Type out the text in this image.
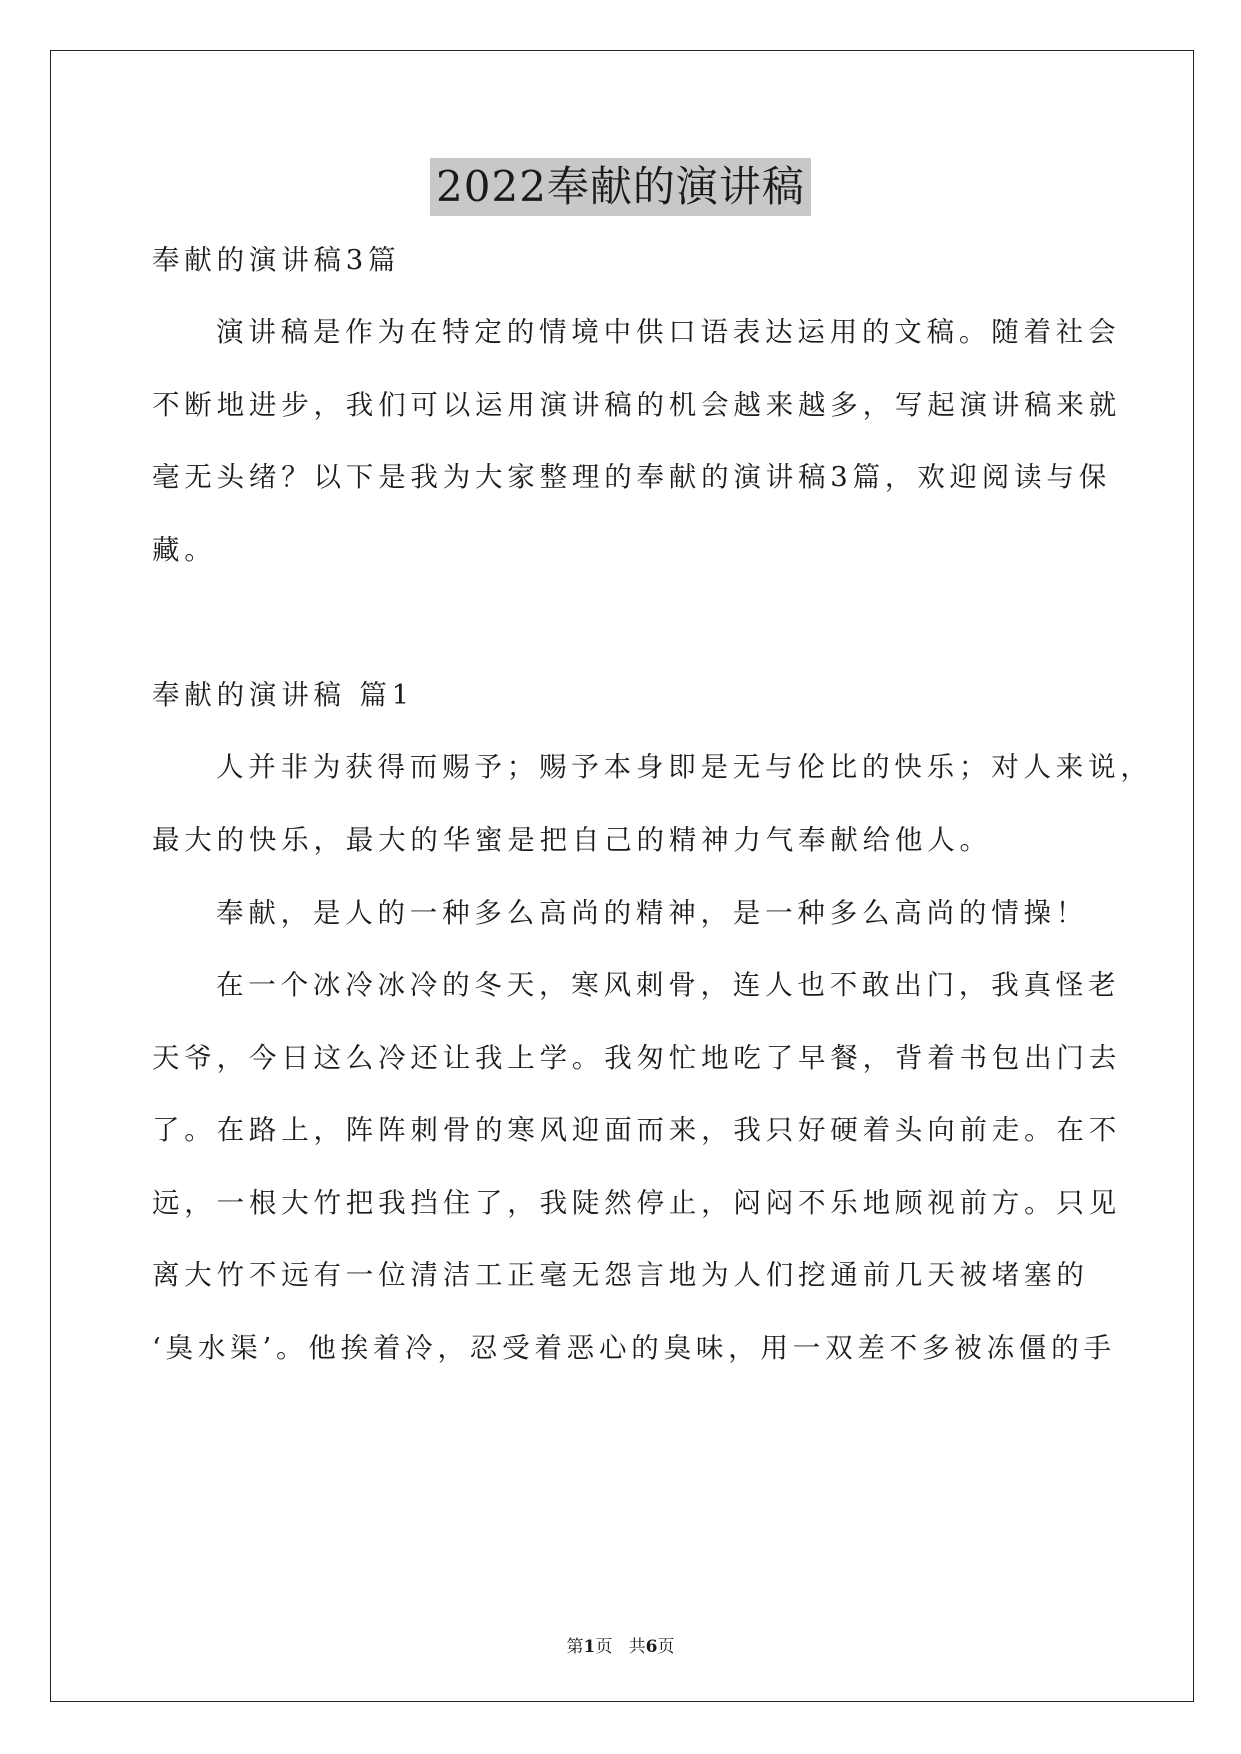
2022奉献的演讲稿
奉献的演讲稿3篇
演讲稿是作为在特定的情境中供口语表达运用的文稿。随着社会
不断地进步，我们可以运用演讲稿的机会越来越多，写起演讲稿来就
毫无头绪？以下是我为大家整理的奉献的演讲稿3篇，欢迎阅读与保
藏。
奉献的演讲稿 篇1
人并非为获得而赐予；赐予本身即是无与伦比的快乐；对人来说，
最大的快乐，最大的华蜜是把自己的精神力气奉献给他人。
奉献，是人的一种多么高尚的精神，是一种多么高尚的情操！
在一个冰冷冰冷的冬天，寒风刺骨，连人也不敢出门，我真怪老
天爷，今日这么冷还让我上学。我匆忙地吃了早餐，背着书包出门去
了。在路上，阵阵刺骨的寒风迎面而来，我只好硬着头向前走。在不
远，一根大竹把我挡住了，我陡然停止，闷闷不乐地顾视前方。只见
离大竹不远有一位清洁工正毫无怨言地为人们挖通前几天被堵塞的
‘臭水渠’。他挨着冷，忍受着恶心的臭味，用一双差不多被冻僵的手
第1页   共6页
